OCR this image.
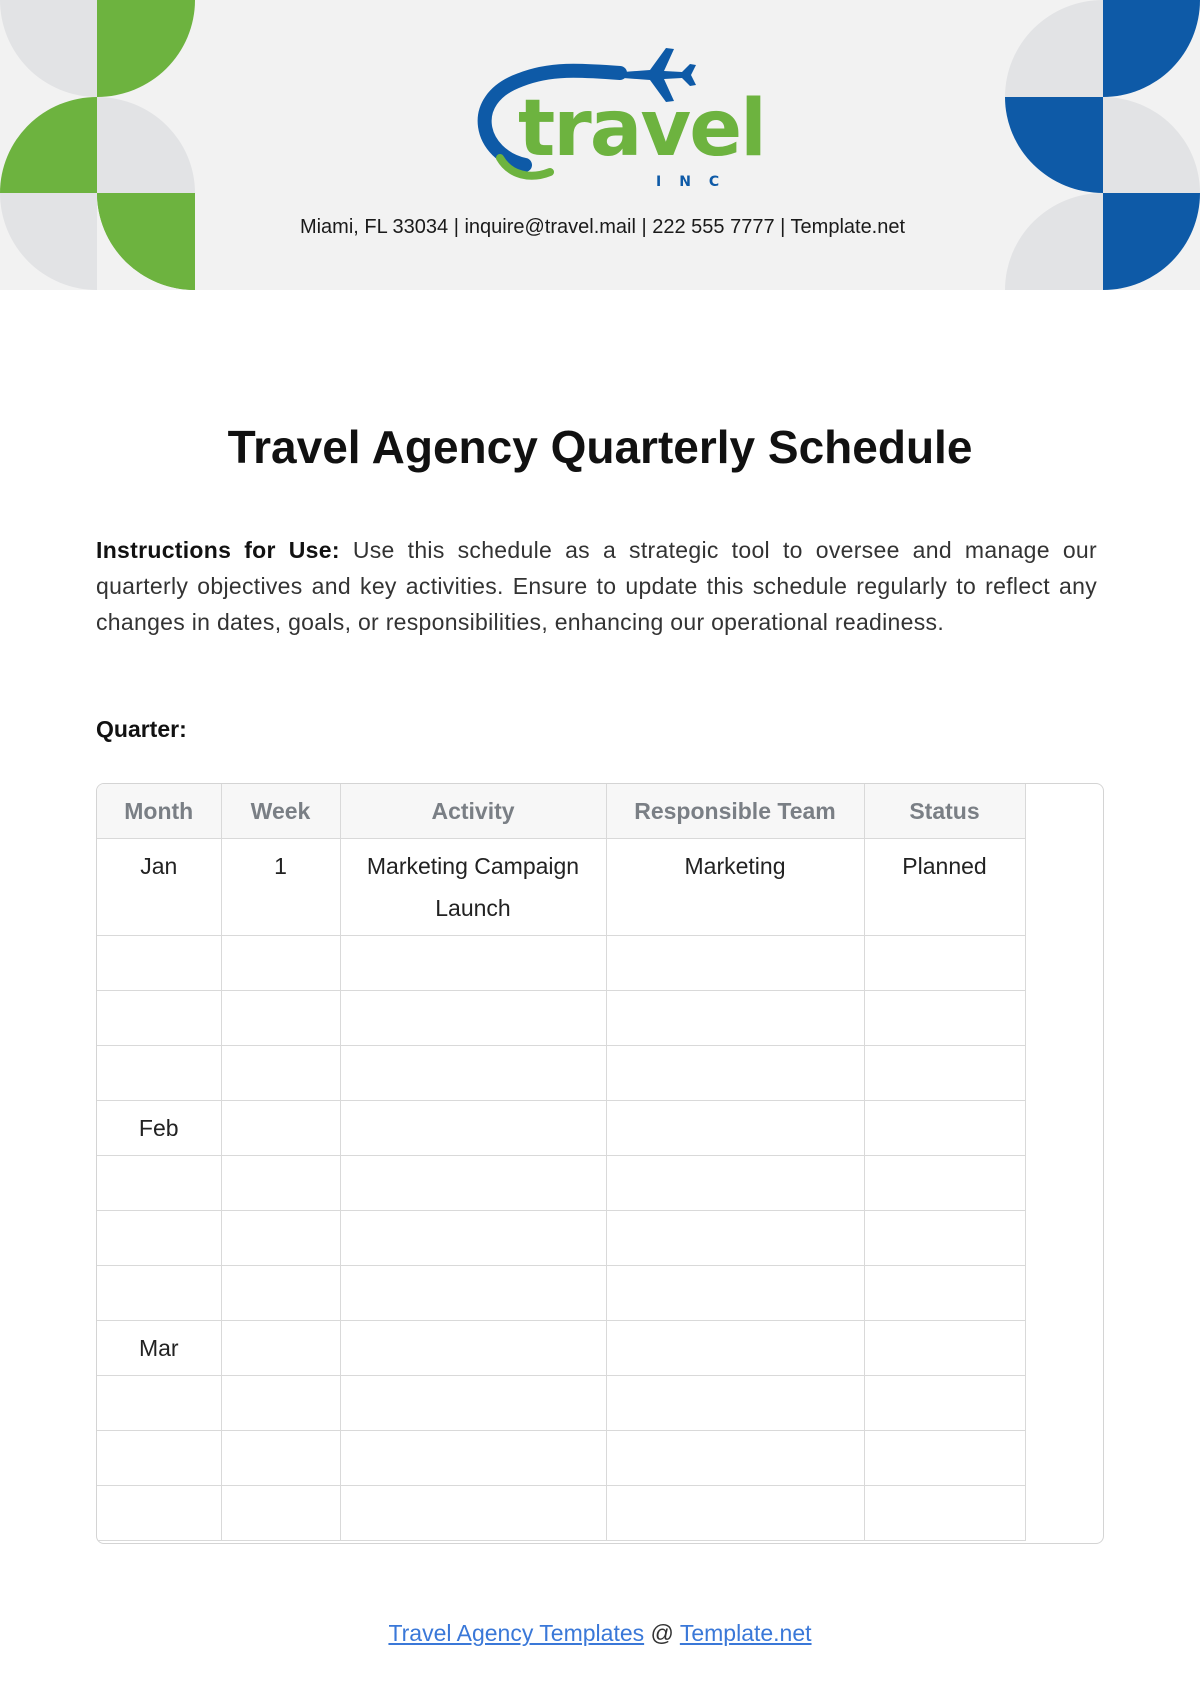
travel
INC
Miami, FL 33034 | inquire@travel.mail | 222 555 7777 | Template.net
Travel Agency Quarterly Schedule
Instructions for Use: Use this schedule as a strategic tool to oversee and manage our quarterly objectives and key activities. Ensure to update this schedule regularly to reflect any changes in dates, goals, or responsibilities, enhancing our operational readiness.
Quarter:
Month	Week	Activity	Responsible Team	Status
Jan	1	Marketing Campaign Launch	Marketing	Planned

Feb				

Mar				

Travel Agency Templates @ Template.net
